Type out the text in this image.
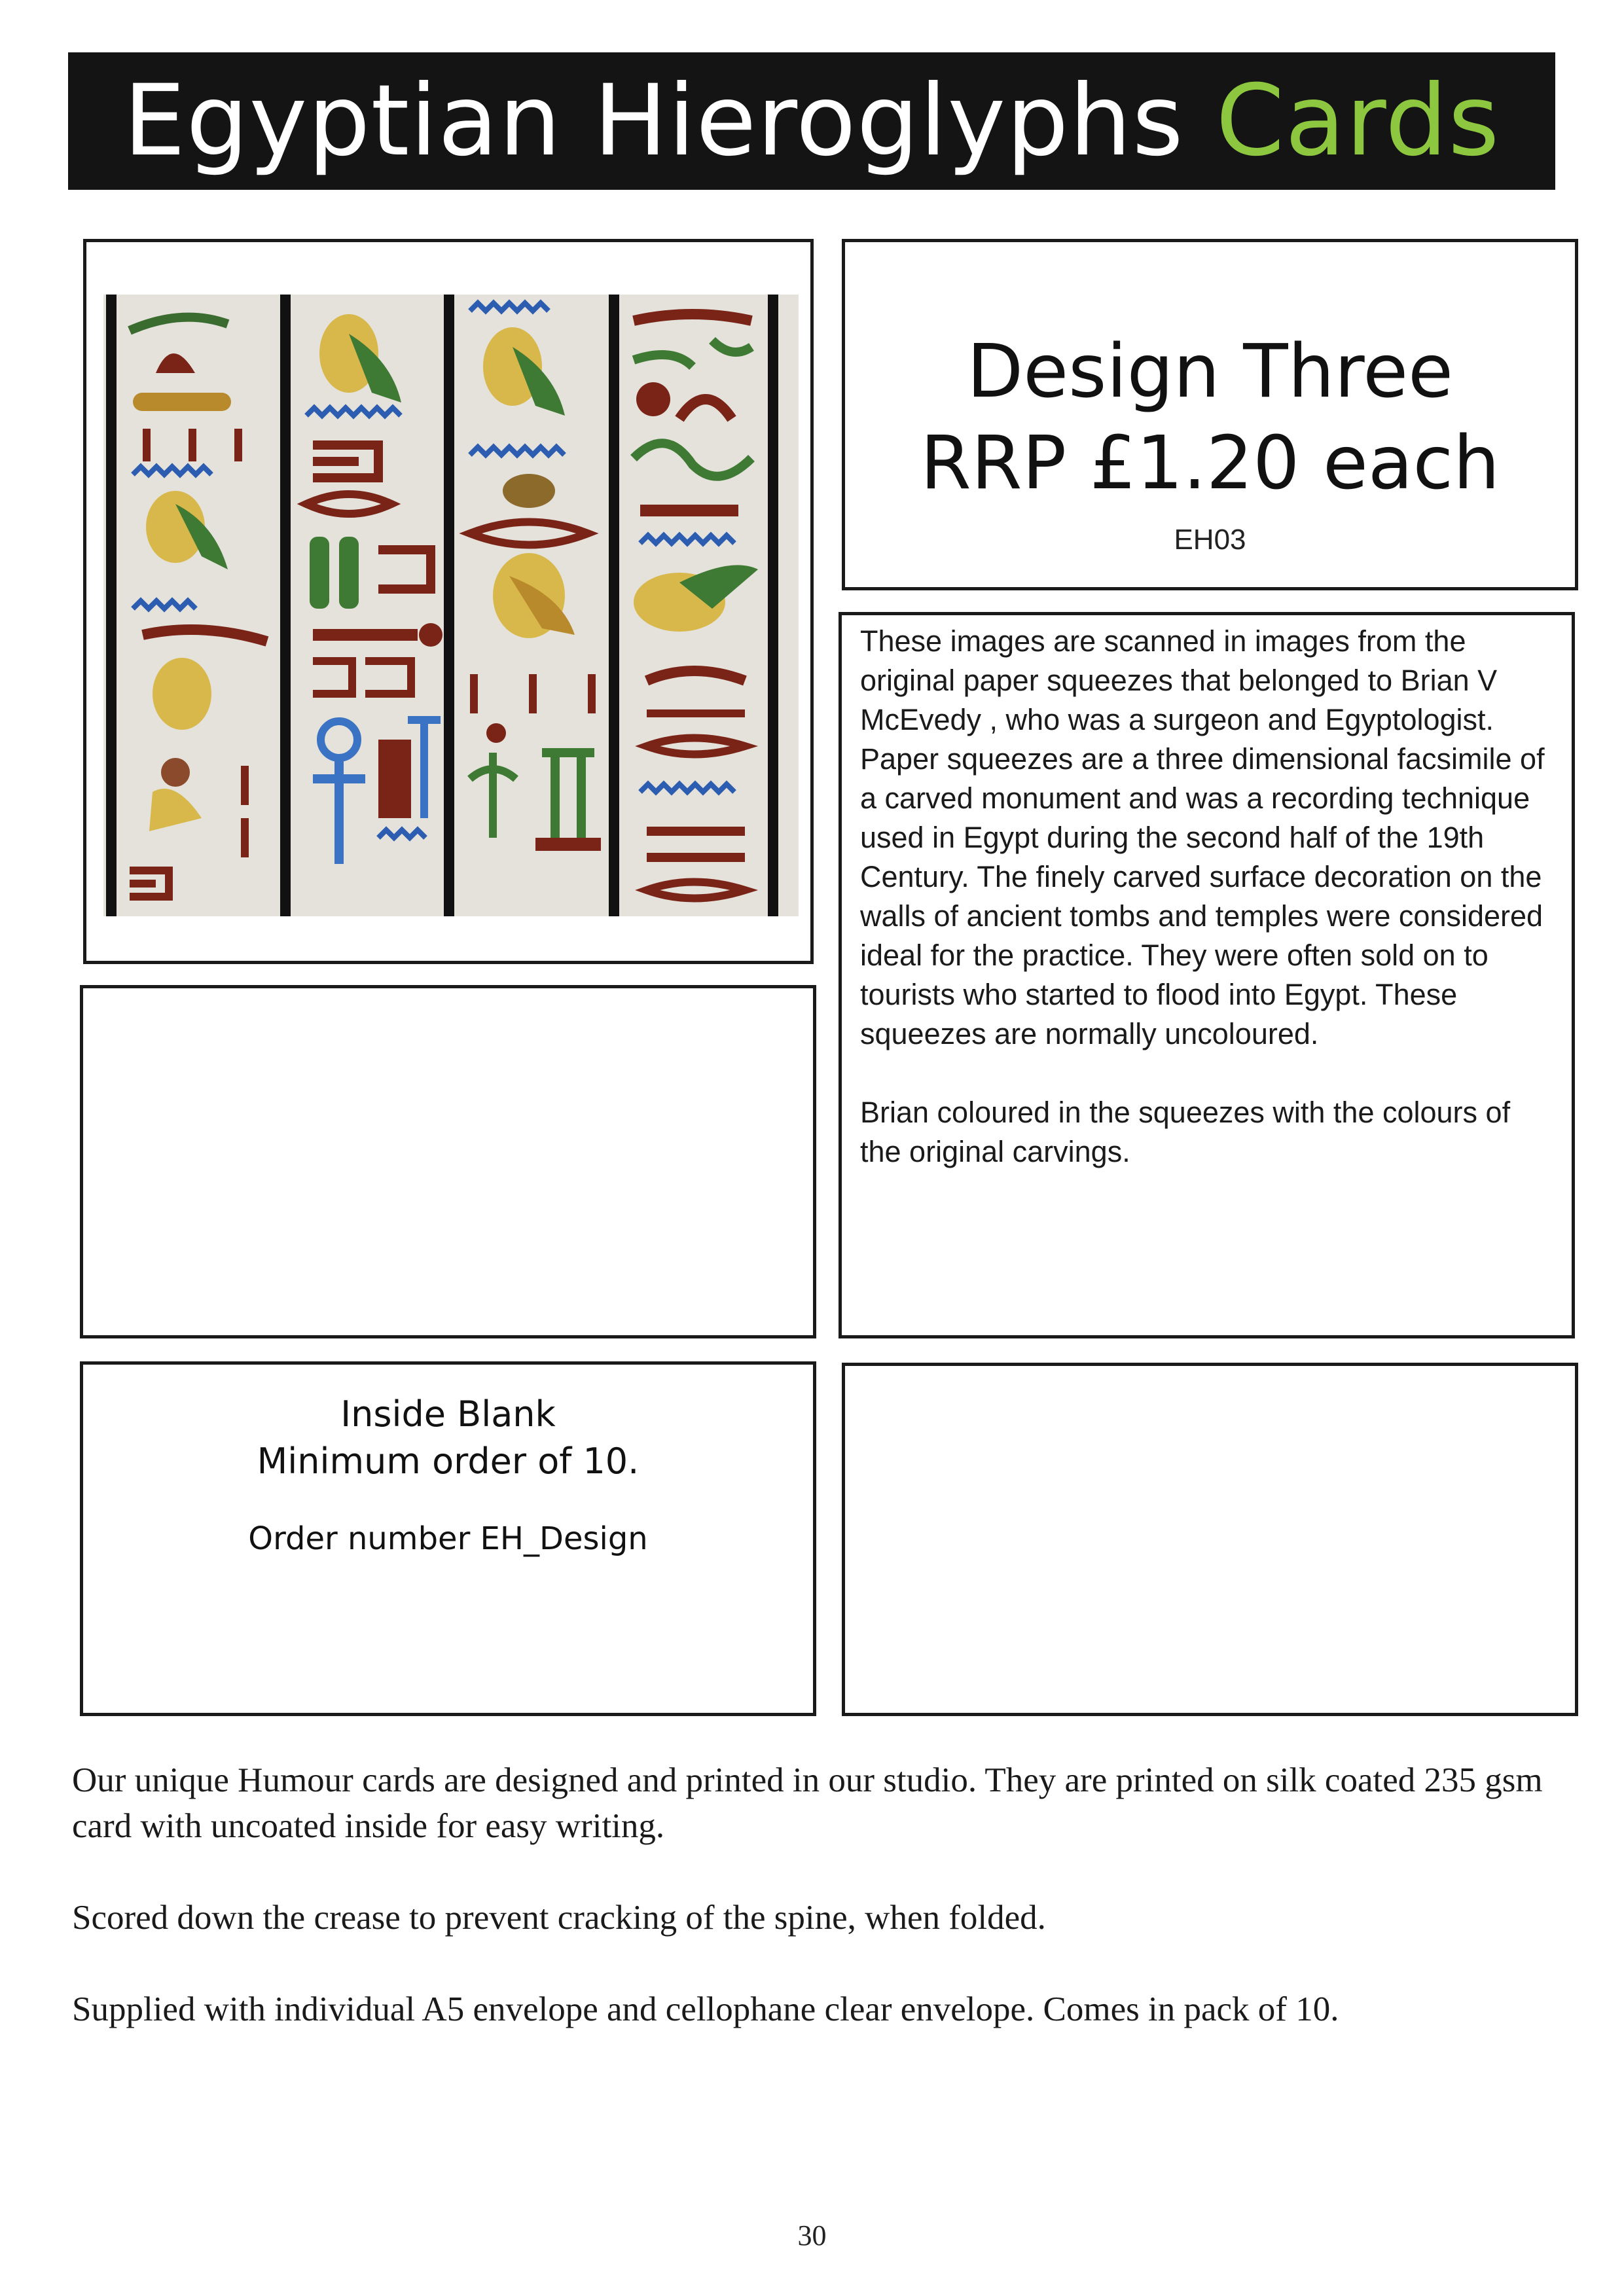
Egyptian Hieroglyphs Cards
Design Three
RRP £1.20 each
EH03

These images are scanned in images from the original paper squeezes that belonged to Brian V McEvedy , who was a surgeon and Egyptologist. Paper squeezes are a three dimensional facsimile of a carved monument and was a recording technique used in Egypt during the second half of the 19th Century. The finely carved surface decoration on the walls of ancient tombs and temples were considered ideal for the practice. They were often sold on to tourists who started to flood into Egypt. These squeezes are normally uncoloured.

Brian coloured in the squeezes with the colours of the original carvings.

Inside Blank
Minimum order of 10.
Order number EH_Design

Our unique Humour cards are designed and printed in our studio. They are printed on silk coated 235 gsm card with uncoated inside for easy writing.

Scored down the crease to prevent cracking of the spine, when folded.

Supplied with individual A5 envelope and cellophane clear envelope. Comes in pack of 10.

30
